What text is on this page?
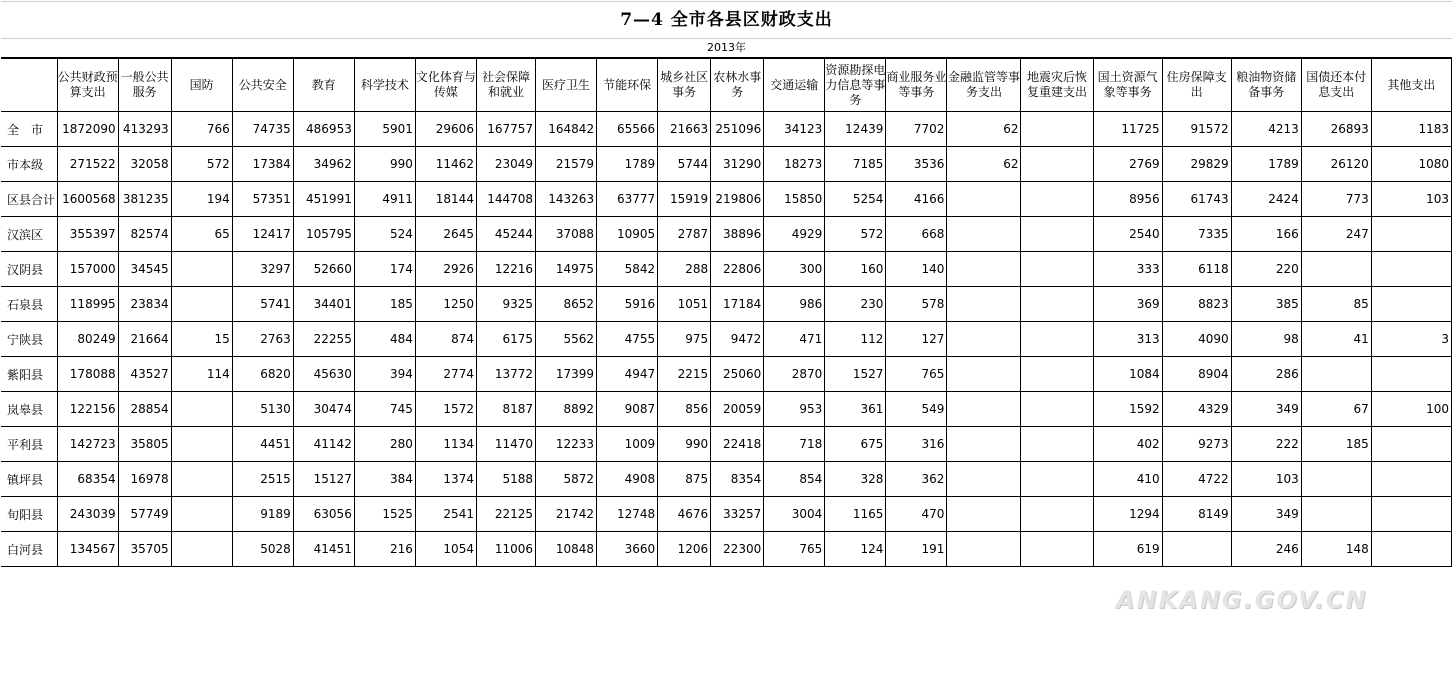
7—4 全市各县区财政支出
2013年
	公共财政预算支出	一般公共服务	国防	公共安全	教育	科学技术	文化体育与传媒	社会保障和就业	医疗卫生	节能环保	城乡社区事务	农林水事务	交通运输	资源勘探电力信息等事务	商业服务业等事务	金融监管等事务支出	地震灾后恢复重建支出	国土资源气象等事务	住房保障支出	粮油物资储备事务	国债还本付息支出	其他支出
全　市	1872090	413293	766	74735	486953	5901	29606	167757	164842	65566	21663	251096	34123	12439	7702	62		11725	91572	4213	26893	1183
市本级	271522	32058	572	17384	34962	990	11462	23049	21579	1789	5744	31290	18273	7185	3536	62		2769	29829	1789	26120	1080
区县合计	1600568	381235	194	57351	451991	4911	18144	144708	143263	63777	15919	219806	15850	5254	4166			8956	61743	2424	773	103
汉滨区	355397	82574	65	12417	105795	524	2645	45244	37088	10905	2787	38896	4929	572	668			2540	7335	166	247	
汉阴县	157000	34545		3297	52660	174	2926	12216	14975	5842	288	22806	300	160	140			333	6118	220		
石泉县	118995	23834		5741	34401	185	1250	9325	8652	5916	1051	17184	986	230	578			369	8823	385	85	
宁陕县	80249	21664	15	2763	22255	484	874	6175	5562	4755	975	9472	471	112	127			313	4090	98	41	3
紫阳县	178088	43527	114	6820	45630	394	2774	13772	17399	4947	2215	25060	2870	1527	765			1084	8904	286		
岚皋县	122156	28854		5130	30474	745	1572	8187	8892	9087	856	20059	953	361	549			1592	4329	349	67	100
平利县	142723	35805		4451	41142	280	1134	11470	12233	1009	990	22418	718	675	316			402	9273	222	185	
镇坪县	68354	16978		2515	15127	384	1374	5188	5872	4908	875	8354	854	328	362			410	4722	103		
旬阳县	243039	57749		9189	63056	1525	2541	22125	21742	12748	4676	33257	3004	1165	470			1294	8149	349		
白河县	134567	35705		5028	41451	216	1054	11006	10848	3660	1206	22300	765	124	191			619		246	148	
ANKANG.GOV.CN
